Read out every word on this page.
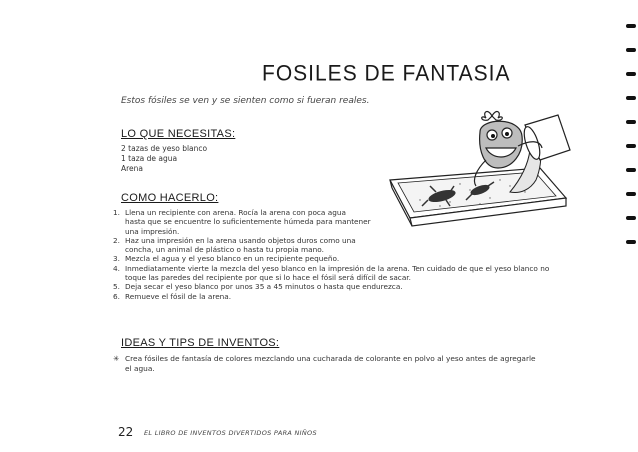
FOSILES DE FANTASIA
Estos fósiles se ven y se sienten como si fueran reales.
LO QUE NECESITAS:
2 tazas de yeso blanco
1 taza de agua
Arena
COMO HACERLO:
1. Llena un recipiente con arena. Rocía la arena con poca agua
hasta que se encuentre lo suficientemente húmeda para mantener
una impresión.
2. Haz una impresión en la arena usando objetos duros como una
concha, un animal de plástico o hasta tu propia mano.
3. Mezcla el agua y el yeso blanco en un recipiente pequeño.
4. Inmediatamente vierte la mezcla del yeso blanco en la impresión de la arena. Ten cuidado de que el yeso blanco no
toque las paredes del recipiente por que si lo hace el fósil será difícil de sacar.
5. Deja secar el yeso blanco por unos 35 a 45 minutos o hasta que endurezca.
6. Remueve el fósil de la arena.
IDEAS Y TIPS DE INVENTOS:
✳ Crea fósiles de fantasía de colores mezclando una cucharada de colorante en polvo al yeso antes de agregarle
el agua.
22 EL LIBRO DE INVENTOS DIVERTIDOS PARA NIÑOS
